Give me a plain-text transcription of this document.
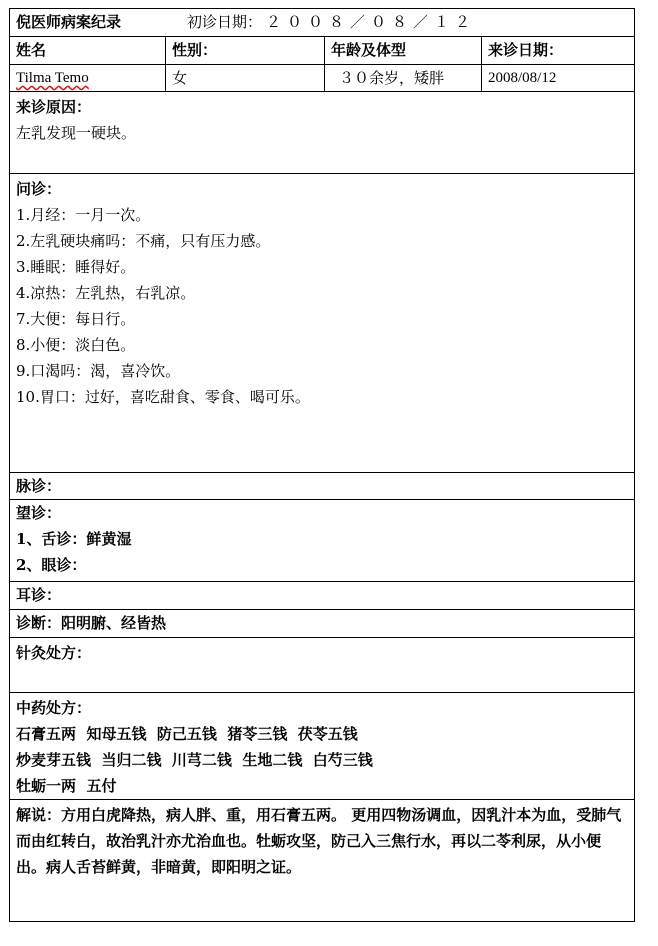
倪医师病案纪录	初诊日期： ２００８／０８／１２
姓名	性别：	年龄及体型	来诊日期：
Tilma Temo	女	３０余岁，矮胖	2008/08/12
来诊原因：
左乳发现一硬块。
问诊：
1.月经：一月一次。
2.左乳硬块痛吗：不痛，只有压力感。
3.睡眠：睡得好。
4.凉热：左乳热，右乳凉。
7.大便：每日行。
8.小便：淡白色。
9.口渴吗：渴，喜冷饮。
10.胃口：过好，喜吃甜食、零食、喝可乐。
脉诊：
望诊：
1、舌诊：鲜黄湿
2、眼诊：
耳诊：
诊断：阳明腑、经皆热
针灸处方：
中药处方：
石膏五两  知母五钱  防己五钱  猪苓三钱  茯苓五钱
炒麦芽五钱  当归二钱  川芎二钱  生地二钱  白芍三钱
牡蛎一两  五付
解说：方用白虎降热，病人胖、重，用石膏五两。 更用四物汤调血，因乳汁本为血，受肺气而由红转白，故治乳汁亦尤治血也。牡蛎攻坚，防己入三焦行水，再以二苓利尿，从小便出。病人舌苔鲜黄，非暗黄，即阳明之证。
